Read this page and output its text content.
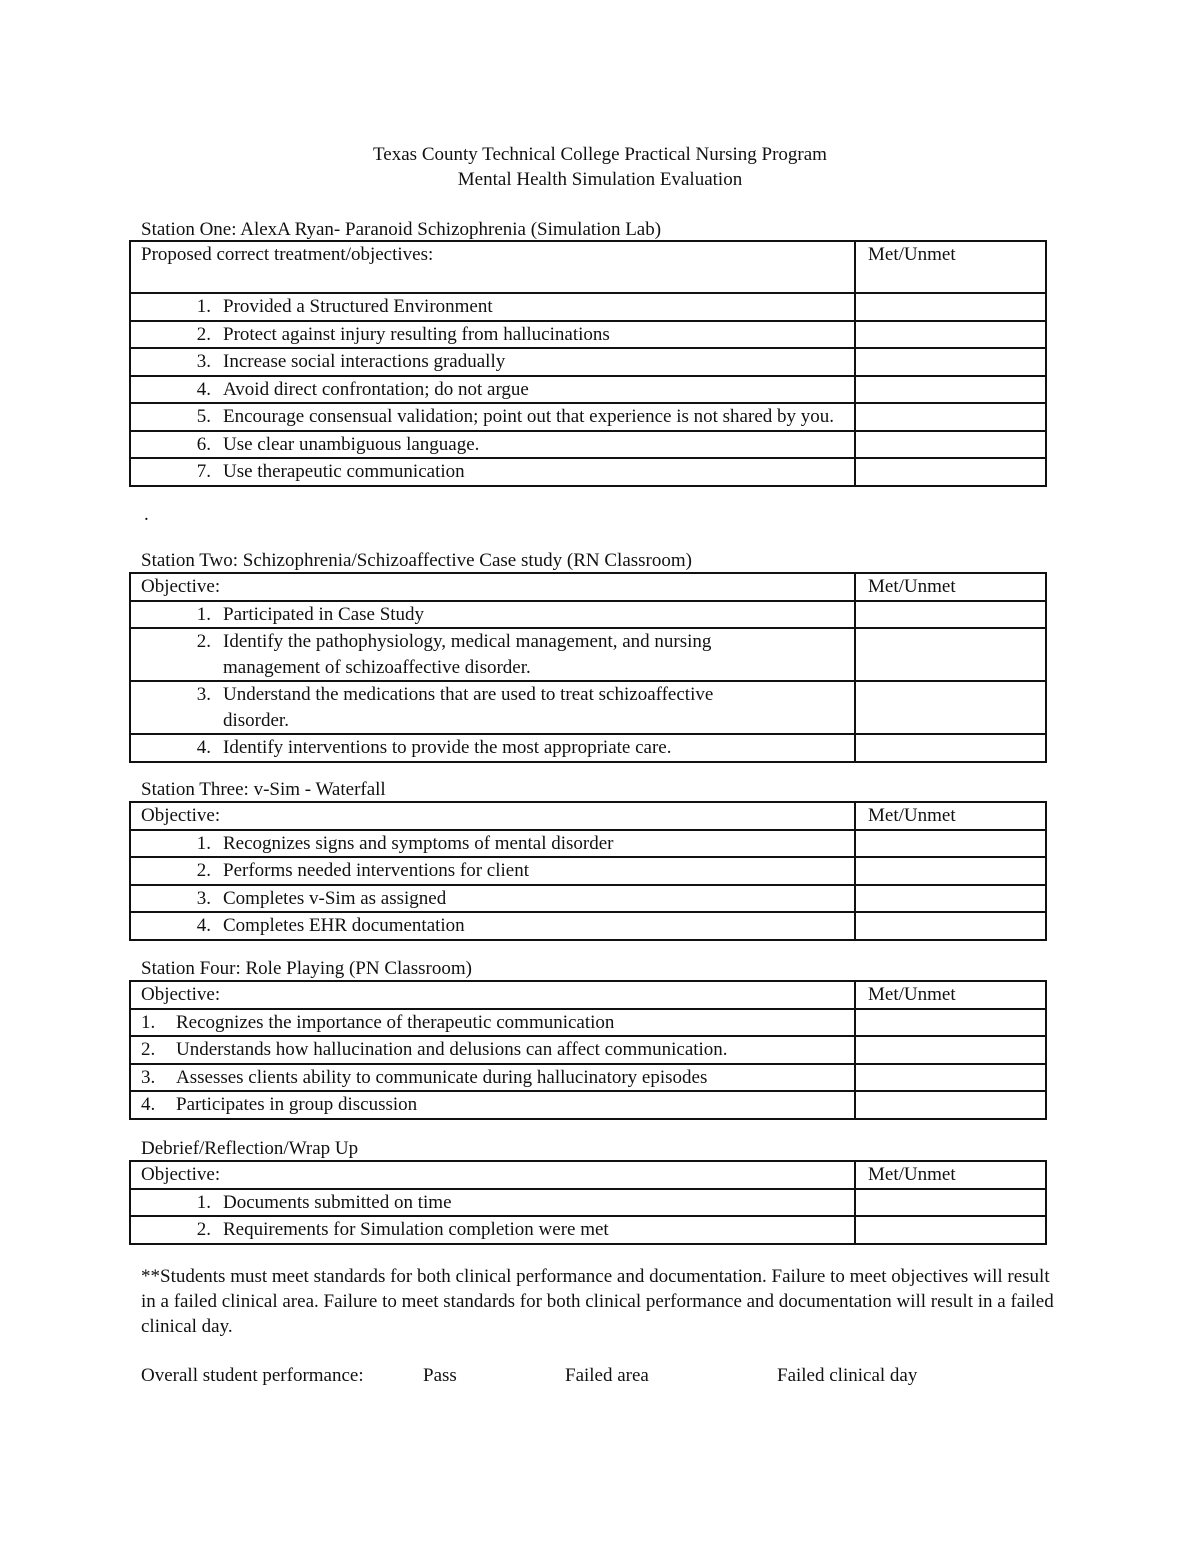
Texas County Technical College Practical Nursing Program
Mental Health Simulation Evaluation
Station One: AlexA Ryan- Paranoid Schizophrenia (Simulation Lab)
Proposed correct treatment/objectives:	Met/Unmet

1. Provided a Structured Environment	

2. Protect against injury resulting from hallucinations	

3. Increase social interactions gradually	

4. Avoid direct confrontation; do not argue	

5. Encourage consensual validation; point out that experience is not shared by you.	

6. Use clear unambiguous language.	

7. Use therapeutic communication	

.
Station Two: Schizophrenia/Schizoaffective Case study (RN Classroom)
Objective:	Met/Unmet

1. Participated in Case Study	

2. Identify the pathophysiology, medical management, and nursing management of schizoaffective disorder.	

3. Understand the medications that are used to treat schizoaffective disorder.	

4. Identify interventions to provide the most appropriate care.	

Station Three: v-Sim - Waterfall
Objective:	Met/Unmet

1. Recognizes signs and symptoms of mental disorder	

2. Performs needed interventions for client	

3. Completes v-Sim as assigned	

4. Completes EHR documentation	

Station Four: Role Playing (PN Classroom)
Objective:	Met/Unmet

1. Recognizes the importance of therapeutic communication	

2. Understands how hallucination and delusions can affect communication.	

3. Assesses clients ability to communicate during hallucinatory episodes	

4. Participates in group discussion	

Debrief/Reflection/Wrap Up
Objective:	Met/Unmet

1. Documents submitted on time	

2. Requirements for Simulation completion were met	

**Students must meet standards for both clinical performance and documentation. Failure to meet objectives will result in a failed clinical area. Failure to meet standards for both clinical performance and documentation will result in a failed clinical day.
Overall student performance:	Pass	Failed area	Failed clinical day
